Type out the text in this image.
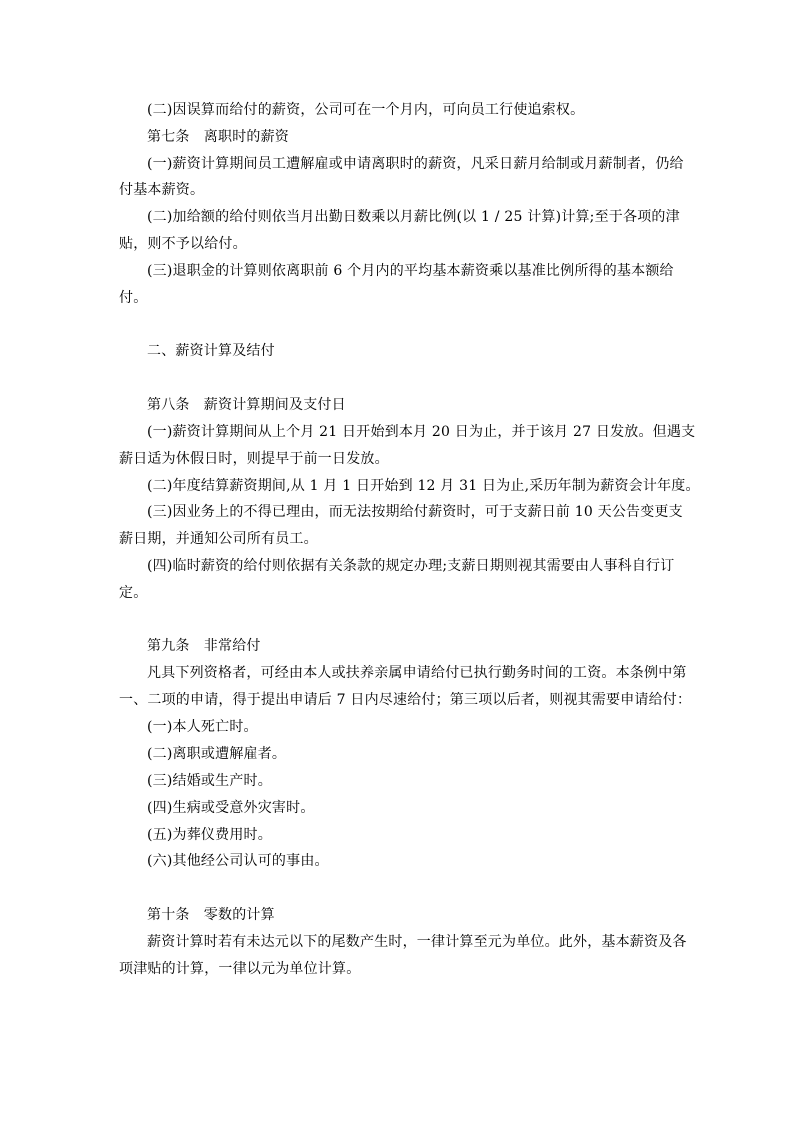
(二)因误算而给付的薪资，公司可在一个月内，可向员工行使追索权。
第七条　离职时的薪资
(一)薪资计算期间员工遭解雇或申请离职时的薪资，凡采日薪月给制或月薪制者，仍给
付基本薪资。
(二)加给额的给付则依当月出勤日数乘以月薪比例(以 1 / 25 计算)计算;至于各项的津
贴，则不予以给付。
(三)退职金的计算则依离职前 6 个月内的平均基本薪资乘以基准比例所得的基本额给
付。
二、薪资计算及结付
第八条　薪资计算期间及支付日
(一)薪资计算期间从上个月 21 日开始到本月 20 日为止，并于该月 27 日发放。但遇支
薪日适为休假日时，则提早于前一日发放。
(二)年度结算薪资期间,从 1 月 1 日开始到 12 月 31 日为止,采历年制为薪资会计年度。
(三)因业务上的不得已理由，而无法按期给付薪资时，可于支薪日前 10 天公告变更支
薪日期，并通知公司所有员工。
(四)临时薪资的给付则依据有关条款的规定办理;支薪日期则视其需要由人事科自行订
定。
第九条　非常给付
凡具下列资格者，可经由本人或扶养亲属申请给付已执行勤务时间的工资。本条例中第
一、二项的申请，得于提出申请后 7 日内尽速给付；第三项以后者，则视其需要申请给付：
(一)本人死亡时。
(二)离职或遭解雇者。
(三)结婚或生产时。
(四)生病或受意外灾害时。
(五)为葬仪费用时。
(六)其他经公司认可的事由。
第十条　零数的计算
薪资计算时若有未达元以下的尾数产生时，一律计算至元为单位。此外，基本薪资及各
项津贴的计算，一律以元为单位计算。
